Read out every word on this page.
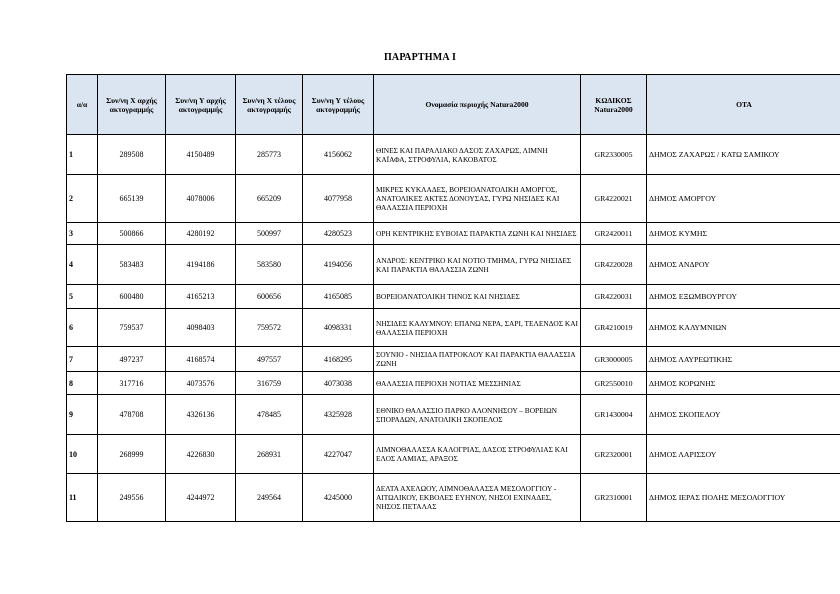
ΠΑΡΑΡΤΗΜΑ Ι
α/α	Συν/νη Χ αρχής ακτογραμμής	Συν/νη Υ αρχής ακτογραμμής	Συν/νη Χ τέλους ακτογραμμής	Συν/νη Υ τέλους ακτογραμμής	Ονομασία περιοχής Natura2000	ΚΩΔΙΚΟΣ Natura2000	ΟΤΑ
1	289508	4150489	285773	4156062	ΘΙΝΕΣ ΚΑΙ ΠΑΡΑΛΙΑΚΟ ΔΑΣΟΣ ΖΑΧΑΡΩΣ, ΛΙΜΝΗ ΚΑΪΑΦΑ, ΣΤΡΟΦΥΛΙΑ, ΚΑΚΟΒΑΤΟΣ	GR2330005	ΔΗΜΟΣ ΖΑΧΑΡΩΣ / ΚΑΤΩ ΣΑΜΙΚΟΥ
2	665139	4078006	665209	4077958	ΜΙΚΡΕΣ ΚΥΚΛΑΔΕΣ, ΒΟΡΕΙΟΑΝΑΤΟΛΙΚΗ ΑΜΟΡΓΟΣ, ΑΝΑΤΟΛΙΚΕΣ ΑΚΤΕΣ ΔΟΝΟΥΣΑΣ, ΓΥΡΩ ΝΗΣΙΔΕΣ ΚΑΙ ΘΑΛΑΣΣΙΑ ΠΕΡΙΟΧΗ	GR4220021	ΔΗΜΟΣ ΑΜΟΡΓΟΥ
3	500866	4280192	500997	4280523	ΟΡΗ ΚΕΝΤΡΙΚΗΣ ΕΥΒΟΙΑΣ ΠΑΡΑΚΤΙΑ ΖΩΝΗ ΚΑΙ ΝΗΣΙΔΕΣ	GR2420011	ΔΗΜΟΣ ΚΥΜΗΣ
4	583483	4194186	583580	4194056	ΑΝΔΡΟΣ: ΚΕΝΤΡΙΚΟ ΚΑΙ ΝΟΤΙΟ ΤΜΗΜΑ, ΓΥΡΩ ΝΗΣΙΔΕΣ ΚΑΙ ΠΑΡΑΚΤΙΑ ΘΑΛΑΣΣΙΑ ΖΩΝΗ	GR4220028	ΔΗΜΟΣ ΑΝΔΡΟΥ
5	600480	4165213	600656	4165085	ΒΟΡΕΙΟΑΝΑΤΟΛΙΚΗ ΤΗΝΟΣ ΚΑΙ ΝΗΣΙΔΕΣ	GR4220031	ΔΗΜΟΣ ΕΞΩΜΒΟΥΡΓΟΥ
6	759537	4098403	759572	4098331	ΝΗΣΙΔΕΣ ΚΑΛΥΜΝΟΥ: ΕΠΑΝΩ ΝΕΡΑ, ΣΑΡΙ, ΤΕΛΕΝΔΟΣ ΚΑΙ ΘΑΛΑΣΣΙΑ ΠΕΡΙΟΧΗ	GR4210019	ΔΗΜΟΣ ΚΑΛΥΜΝΙΩΝ
7	497237	4168574	497557	4168295	ΣΟΥΝΙΟ - ΝΗΣΙΔΑ ΠΑΤΡΟΚΛΟΥ ΚΑΙ ΠΑΡΑΚΤΙΑ ΘΑΛΑΣΣΙΑ ΖΩΝΗ	GR3000005	ΔΗΜΟΣ ΛΑΥΡΕΩΤΙΚΗΣ
8	317716	4073576	316759	4073038	ΘΑΛΑΣΣΙΑ ΠΕΡΙΟΧΗ ΝΟΤΙΑΣ ΜΕΣΣΗΝΙΑΣ	GR2550010	ΔΗΜΟΣ ΚΟΡΩΝΗΣ
9	478708	4326136	478485	4325928	ΕΘΝΙΚΟ ΘΑΛΑΣΣΙΟ ΠΑΡΚΟ ΑΛΟΝΝΗΣΟΥ – ΒΟΡΕΙΩΝ ΣΠΟΡΑΔΩΝ, ΑΝΑΤΟΛΙΚΗ ΣΚΟΠΕΛΟΣ	GR1430004	ΔΗΜΟΣ ΣΚΟΠΕΛΟΥ
10	268999	4226830	268931	4227047	ΛΙΜΝΟΘΑΛΑΣΣΑ ΚΑΛΟΓΡΙΑΣ, ΔΑΣΟΣ ΣΤΡΟΦΥΛΙΑΣ ΚΑΙ ΕΛΟΣ ΛΑΜΙΑΣ, ΑΡΑΞΟΣ	GR2320001	ΔΗΜΟΣ ΛΑΡΙΣΣΟΥ
11	249556	4244972	249564	4245000	ΔΕΛΤΑ ΑΧΕΛΩΟΥ, ΛΙΜΝΟΘΑΛΑΣΣΑ ΜΕΣΟΛΟΓΓΙΟΥ - ΑΙΤΩΛΙΚΟΥ, ΕΚΒΟΛΕΣ ΕΥΗΝΟΥ, ΝΗΣΟΙ ΕΧΙΝΑΔΕΣ, ΝΗΣΟΣ ΠΕΤΑΛΑΣ	GR2310001	ΔΗΜΟΣ ΙΕΡΑΣ ΠΟΛΗΣ ΜΕΣΟΛΟΓΓΙΟΥ
